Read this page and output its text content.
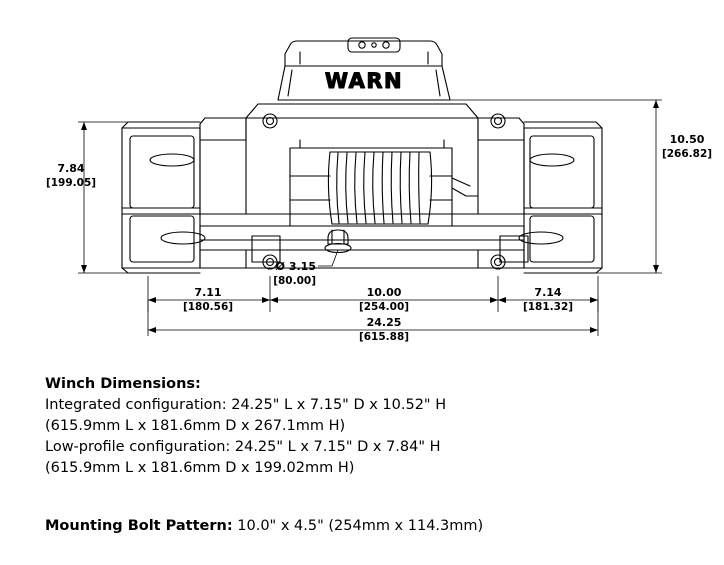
WARN
7.84
[199.05]
10.50
[266.82]
Ø 3.15
[80.00]
7.11
[180.56]
10.00
[254.00]
7.14
[181.32]
24.25
[615.88]
Winch Dimensions:
Integrated configuration: 24.25" L x 7.15" D x 10.52" H
(615.9mm L x 181.6mm D x 267.1mm H)
Low-profile configuration: 24.25" L x 7.15" D x 7.84" H
(615.9mm L x 181.6mm D x 199.02mm H)
Mounting Bolt Pattern: 10.0" x 4.5" (254mm x 114.3mm)
